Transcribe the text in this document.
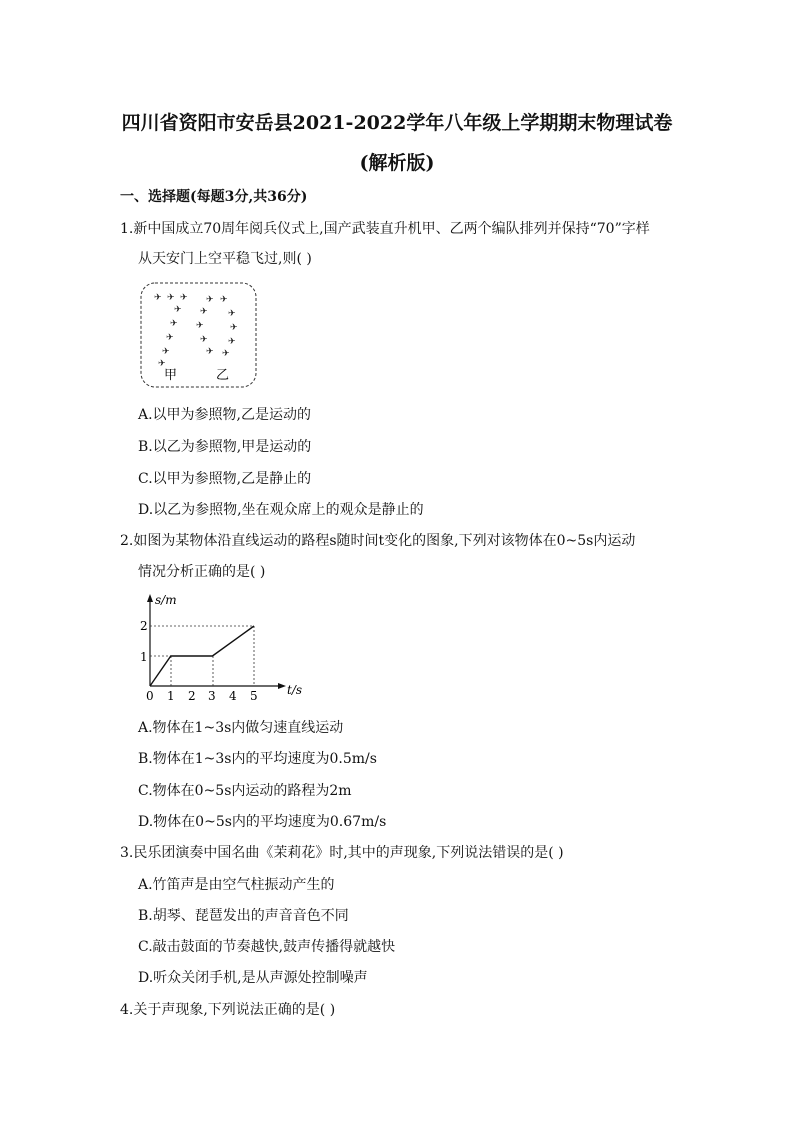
四川省资阳市安岳县2021-2022学年八年级上学期期末物理试卷
(解析版)
一、选择题(每题3分,共36分)
1.新中国成立70周年阅兵仪式上,国产武装直升机甲、乙两个编队排列并保持“70”字样
从天安门上空平稳飞过,则( )
✈ ✈ ✈
✈
✈
✈
✈
✈
✈
✈
✈
✈
✈
✈
✈
✈
✈
✈
甲	乙
A.以甲为参照物,乙是运动的
B.以乙为参照物,甲是运动的
C.以甲为参照物,乙是静止的
D.以乙为参照物,坐在观众席上的观众是静止的
2.如图为某物体沿直线运动的路程s随时间t变化的图象,下列对该物体在0~5s内运动
情况分析正确的是( )
s/m
t/s
0 1 2 3 4 5
1
2
A.物体在1~3s内做匀速直线运动
B.物体在1~3s内的平均速度为0.5m/s
C.物体在0~5s内运动的路程为2m
D.物体在0~5s内的平均速度为0.67m/s
3.民乐团演奏中国名曲《茉莉花》时,其中的声现象,下列说法错误的是( )
A.竹笛声是由空气柱振动产生的
B.胡琴、琵琶发出的声音音色不同
C.敲击鼓面的节奏越快,鼓声传播得就越快
D.听众关闭手机,是从声源处控制噪声
4.关于声现象,下列说法正确的是( )
